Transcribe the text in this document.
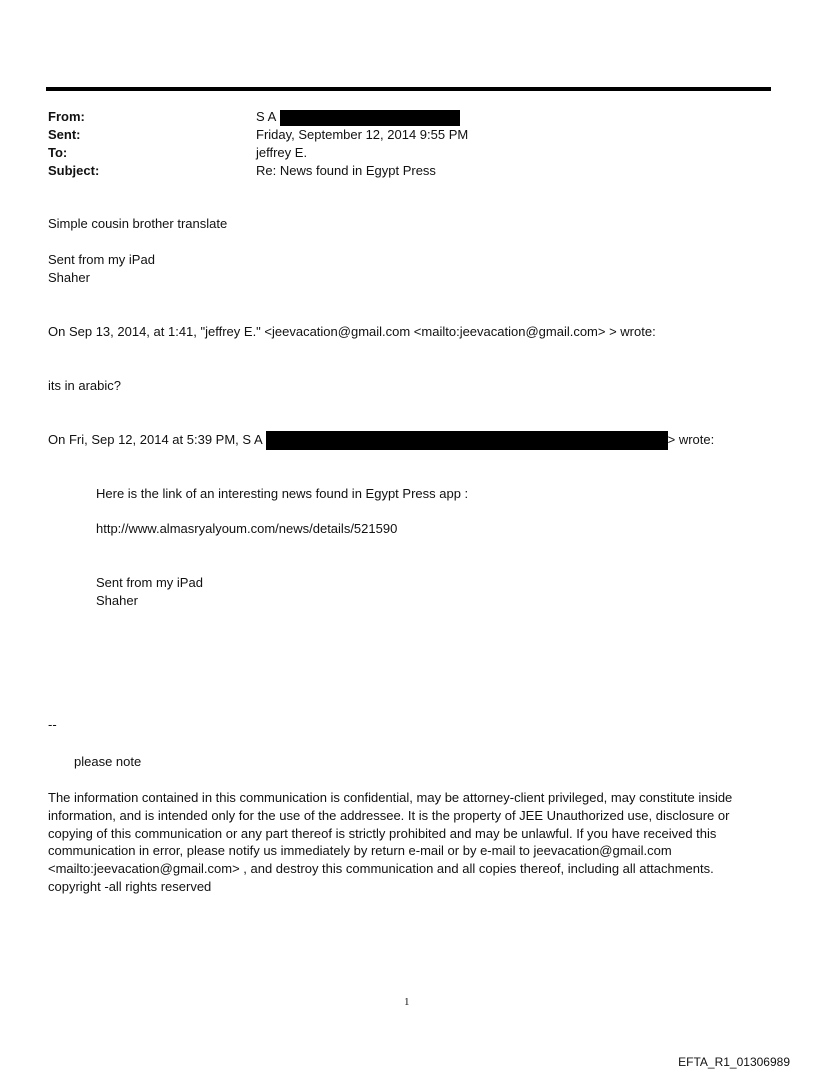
From:	S A
Sent:	Friday, September 12, 2014 9:55 PM
To:	jeffrey E.
Subject:	Re: News found in Egypt Press
Simple cousin brother translate
Sent from my iPad
Shaher
On Sep 13, 2014, at 1:41, "jeffrey E." <jeevacation@gmail.com <mailto:jeevacation@gmail.com> > wrote:
its in arabic?
On Fri, Sep 12, 2014 at 5:39 PM, S A	> wrote:
Here is the link of an interesting news found in Egypt Press app :
http://www.almasryalyoum.com/news/details/521590
Sent from my iPad
Shaher
--
please note
The information contained in this communication is confidential, may be attorney-client privileged, may constitute inside information, and is intended only for the use of the addressee. It is the property of JEE Unauthorized use, disclosure or copying of this communication or any part thereof is strictly prohibited and may be unlawful. If you have received this communication in error, please notify us immediately by return e-mail or by e-mail to jeevacation@gmail.com <mailto:jeevacation@gmail.com> , and destroy this communication and all copies thereof, including all attachments. copyright -all rights reserved
1
EFTA_R1_01306989
